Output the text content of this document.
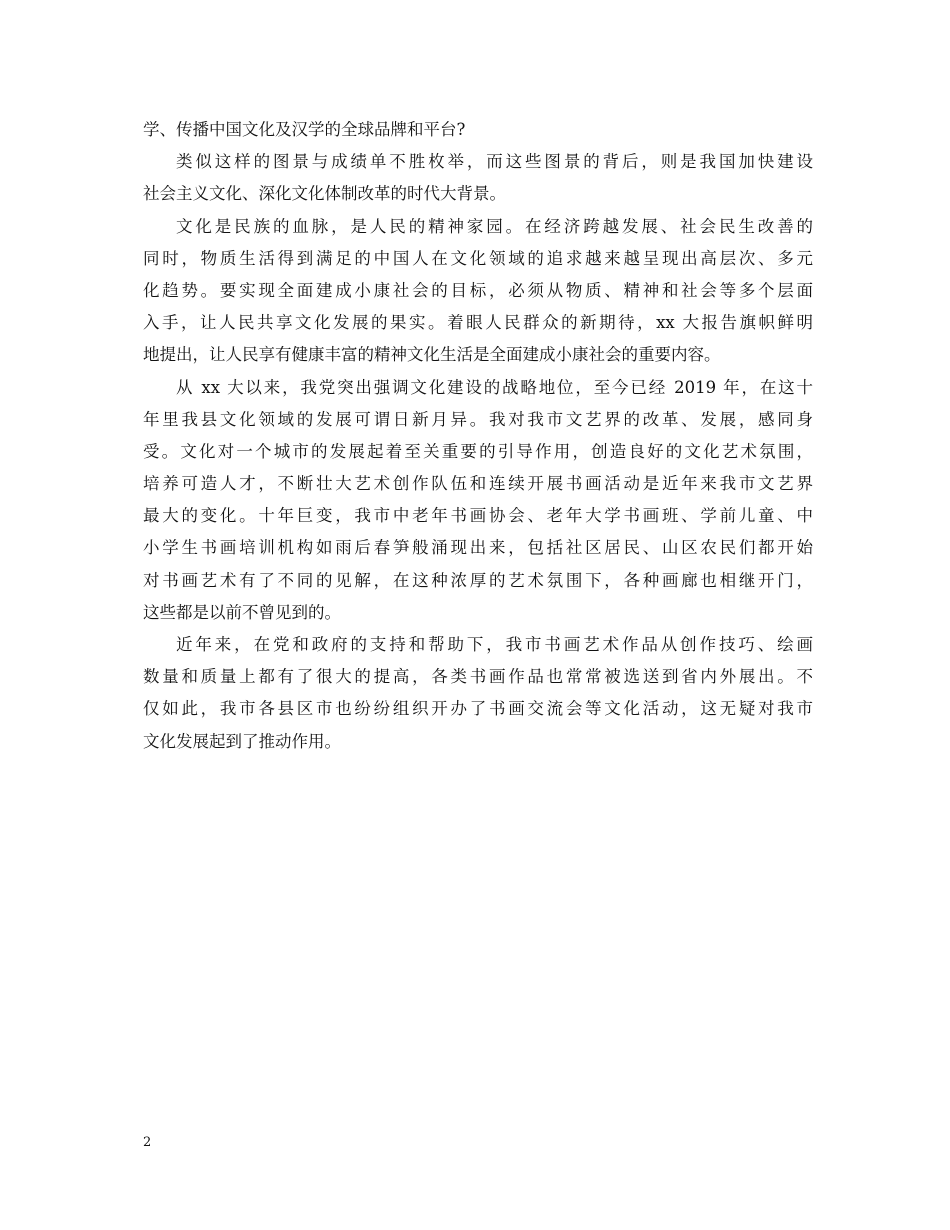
学、传播中国文化及汉学的全球品牌和平台?
类似这样的图景与成绩单不胜枚举，而这些图景的背后，则是我国加快建设
社会主义文化、深化文化体制改革的时代大背景。
文化是民族的血脉，是人民的精神家园。在经济跨越发展、社会民生改善的
同时，物质生活得到满足的中国人在文化领域的追求越来越呈现出高层次、多元
化趋势。要实现全面建成小康社会的目标，必须从物质、精神和社会等多个层面
入手，让人民共享文化发展的果实。着眼人民群众的新期待，xx 大报告旗帜鲜明
地提出，让人民享有健康丰富的精神文化生活是全面建成小康社会的重要内容。
从 xx 大以来，我党突出强调文化建设的战略地位，至今已经 2019 年，在这十
年里我县文化领域的发展可谓日新月异。我对我市文艺界的改革、发展，感同身
受。文化对一个城市的发展起着至关重要的引导作用，创造良好的文化艺术氛围，
培养可造人才，不断壮大艺术创作队伍和连续开展书画活动是近年来我市文艺界
最大的变化。十年巨变，我市中老年书画协会、老年大学书画班、学前儿童、中
小学生书画培训机构如雨后春笋般涌现出来，包括社区居民、山区农民们都开始
对书画艺术有了不同的见解，在这种浓厚的艺术氛围下，各种画廊也相继开门，
这些都是以前不曾见到的。
近年来，在党和政府的支持和帮助下，我市书画艺术作品从创作技巧、绘画
数量和质量上都有了很大的提高，各类书画作品也常常被选送到省内外展出。不
仅如此，我市各县区市也纷纷组织开办了书画交流会等文化活动，这无疑对我市
文化发展起到了推动作用。
2
